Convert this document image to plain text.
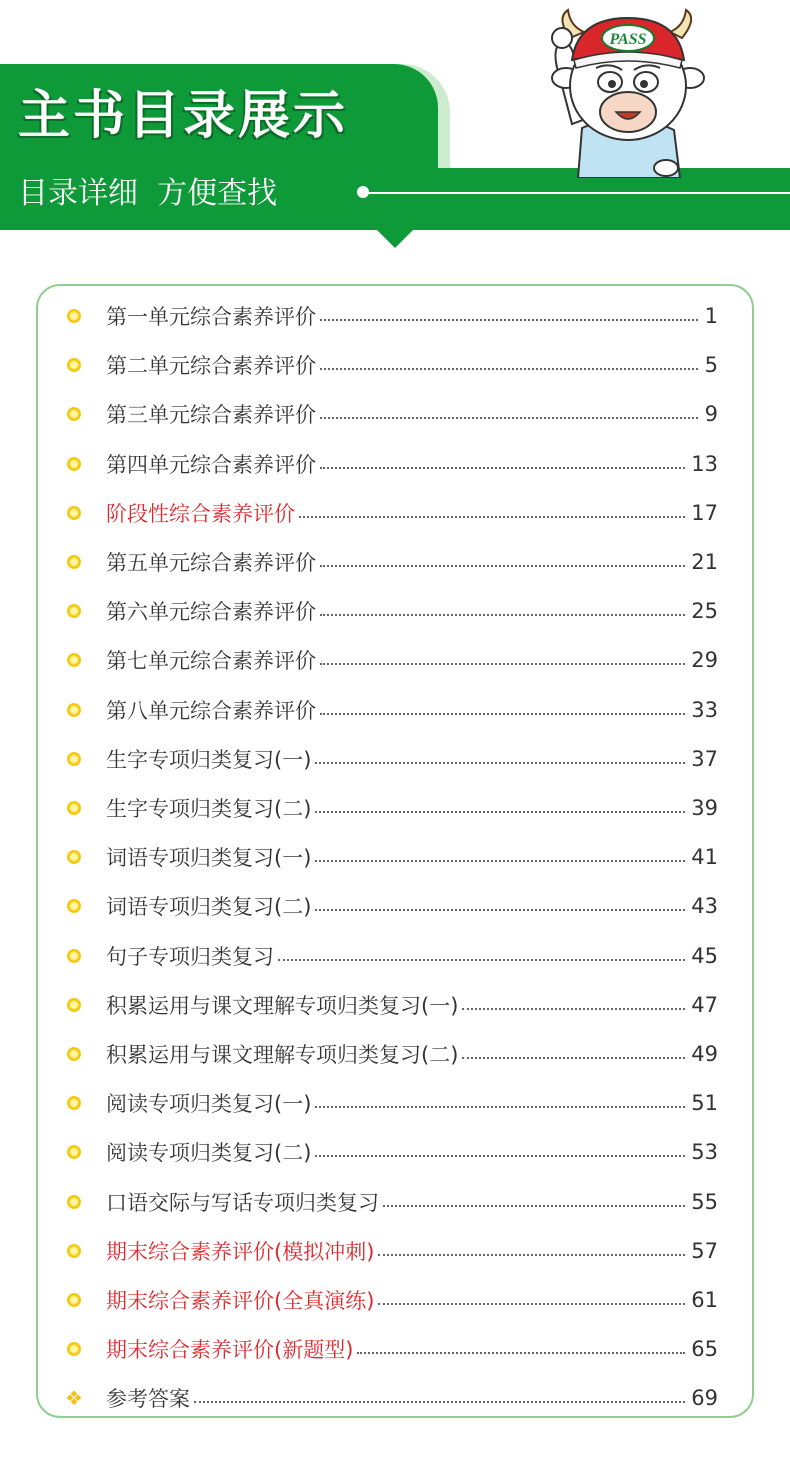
主书目录展示

目录详细  方便查找

PASS
第一单元综合素养评价	1
第二单元综合素养评价	5
第三单元综合素养评价	9
第四单元综合素养评价	13
阶段性综合素养评价	17
第五单元综合素养评价	21
第六单元综合素养评价	25
第七单元综合素养评价	29
第八单元综合素养评价	33
生字专项归类复习(一)	37
生字专项归类复习(二)	39
词语专项归类复习(一)	41
词语专项归类复习(二)	43
句子专项归类复习	45
积累运用与课文理解专项归类复习(一)	47
积累运用与课文理解专项归类复习(二)	49
阅读专项归类复习(一)	51
阅读专项归类复习(二)	53
口语交际与写话专项归类复习	55
期末综合素养评价(模拟冲刺)	57
期末综合素养评价(全真演练)	61
期末综合素养评价(新题型)	65
❖ 参考答案	69
